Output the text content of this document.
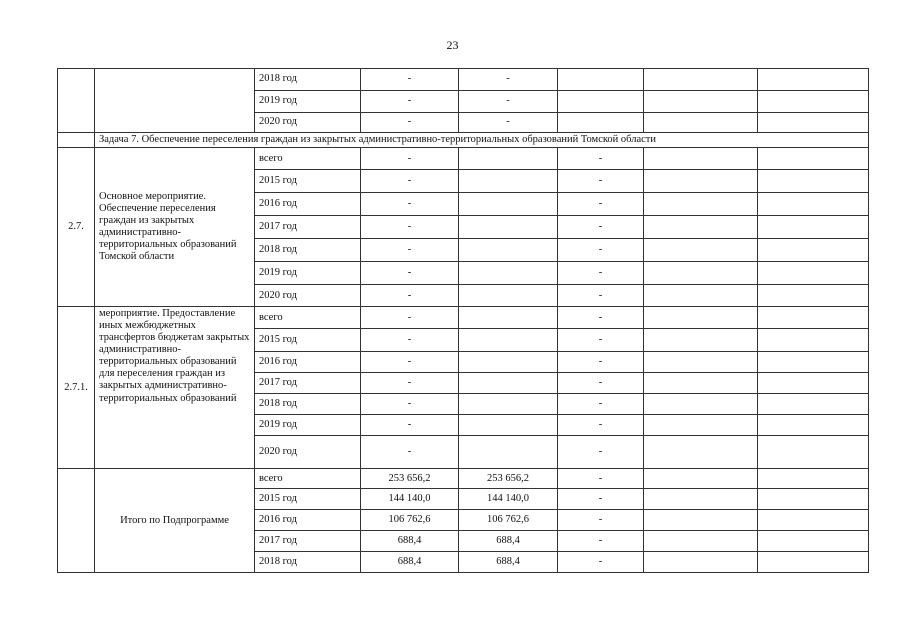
23
		2018 год	-	-			
		2019 год	-	-			
		2020 год	-	-			
	Задача 7. Обеспечение переселения граждан из закрытых административно-территориальных образований Томской области						
2.7.	Основное мероприятие. Обеспечение переселения граждан из закрытых административно-территориальных образований Томской области	всего	-		-		
		2015 год	-		-		
		2016 год	-		-		
		2017 год	-		-		
		2018 год	-		-		
		2019 год	-		-		
		2020 год	-		-		
2.7.1.	мероприятие. Предоставление иных межбюджетных трансфертов бюджетам закрытых административно-территориальных образований для переселения граждан из закрытых административно-территориальных образований	всего	-		-		
		2015 год	-		-		
		2016 год	-		-		
		2017 год	-		-		
		2018 год	-		-		
		2019 год	-		-		
		2020 год	-		-		
	Итого по Подпрограмме	всего	253 656,2	253 656,2	-		
		2015 год	144 140,0	144 140,0	-		
		2016 год	106 762,6	106 762,6	-		
		2017 год	688,4	688,4	-		
		2018 год	688,4	688,4	-		
